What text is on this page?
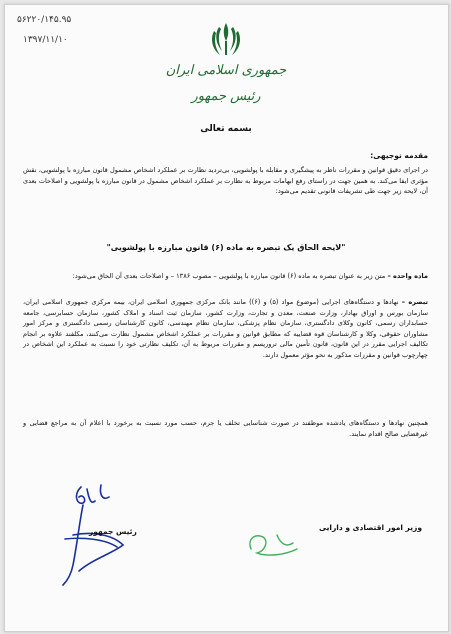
۵۶۲۲۰/۱۴۵.۹۵
۱۳۹۷/۱۱/۱۰
جمهوری اسلامی ایران
رئیس جمهور
بسمه تعالی
مقدمه توجیهی:
در اجرای دقیق قوانین و مقررات ناظر به پیشگیری و مقابله با پولشویی، بی‌تردید نظارت بر عملکرد اشخاص مشمول قانون مبارزه با پولشویی، نقش مؤثری ایفا می‌کند. به همین جهت در راستای رفع ابهامات مربوط به نظارت بر عملکرد اشخاص مشمول در قانون مبارزه با پولشویی و اصلاحات بعدی آن، لایحه زیر جهت طی تشریفات قانونی تقدیم می‌شود:
"لایحه الحاق یک تبصره به ماده (۶) قانون مبارزه با پولشویی"
ماده واحده – متن زیر به عنوان تبصره به ماده (۶) قانون مبارزه با پولشویی – مصوب ۱۳۸۶ – و اصلاحات بعدی آن الحاق می‌شود:
تبصره – نهادها و دستگاه‌های اجرایی (موضوع مواد (۵) و (۶)) مانند بانک مرکزی جمهوری اسلامی ایران، بیمه مرکزی جمهوری اسلامی ایران، سازمان بورس و اوراق بهادار، وزارت صنعت، معدن و تجارت، وزارت کشور، سازمان ثبت اسناد و املاک کشور، سازمان حسابرسی، جامعه حسابداران رسمی، کانون وکلای دادگستری، سازمان نظام پزشکی، سازمان نظام مهندسی، کانون کارشناسان رسمی دادگستری و مرکز امور مشاوران حقوقی، وکلا و کارشناسان قوه قضاییه که مطابق قوانین و مقررات بر عملکرد اشخاص مشمول نظارت می‌کنند، مکلفند علاوه بر انجام تکالیف اجرایی مقرر در این قانون، قانون تأمین مالی تروریسم و مقررات مربوط به آن، تکلیف نظارتی خود را نسبت به عملکرد این اشخاص در چهارچوب قوانین و مقررات مذکور به نحو مؤثر معمول دارند.
همچنین نهادها و دستگاه‌های یادشده موظفند در صورت شناسایی تخلف یا جرم، حسب مورد نسبت به برخورد با اعلام آن به مراجع قضایی و غیرقضایی صالح اقدام نمایند.
رئیس جمهور	وزیر امور اقتصادی و دارایی
